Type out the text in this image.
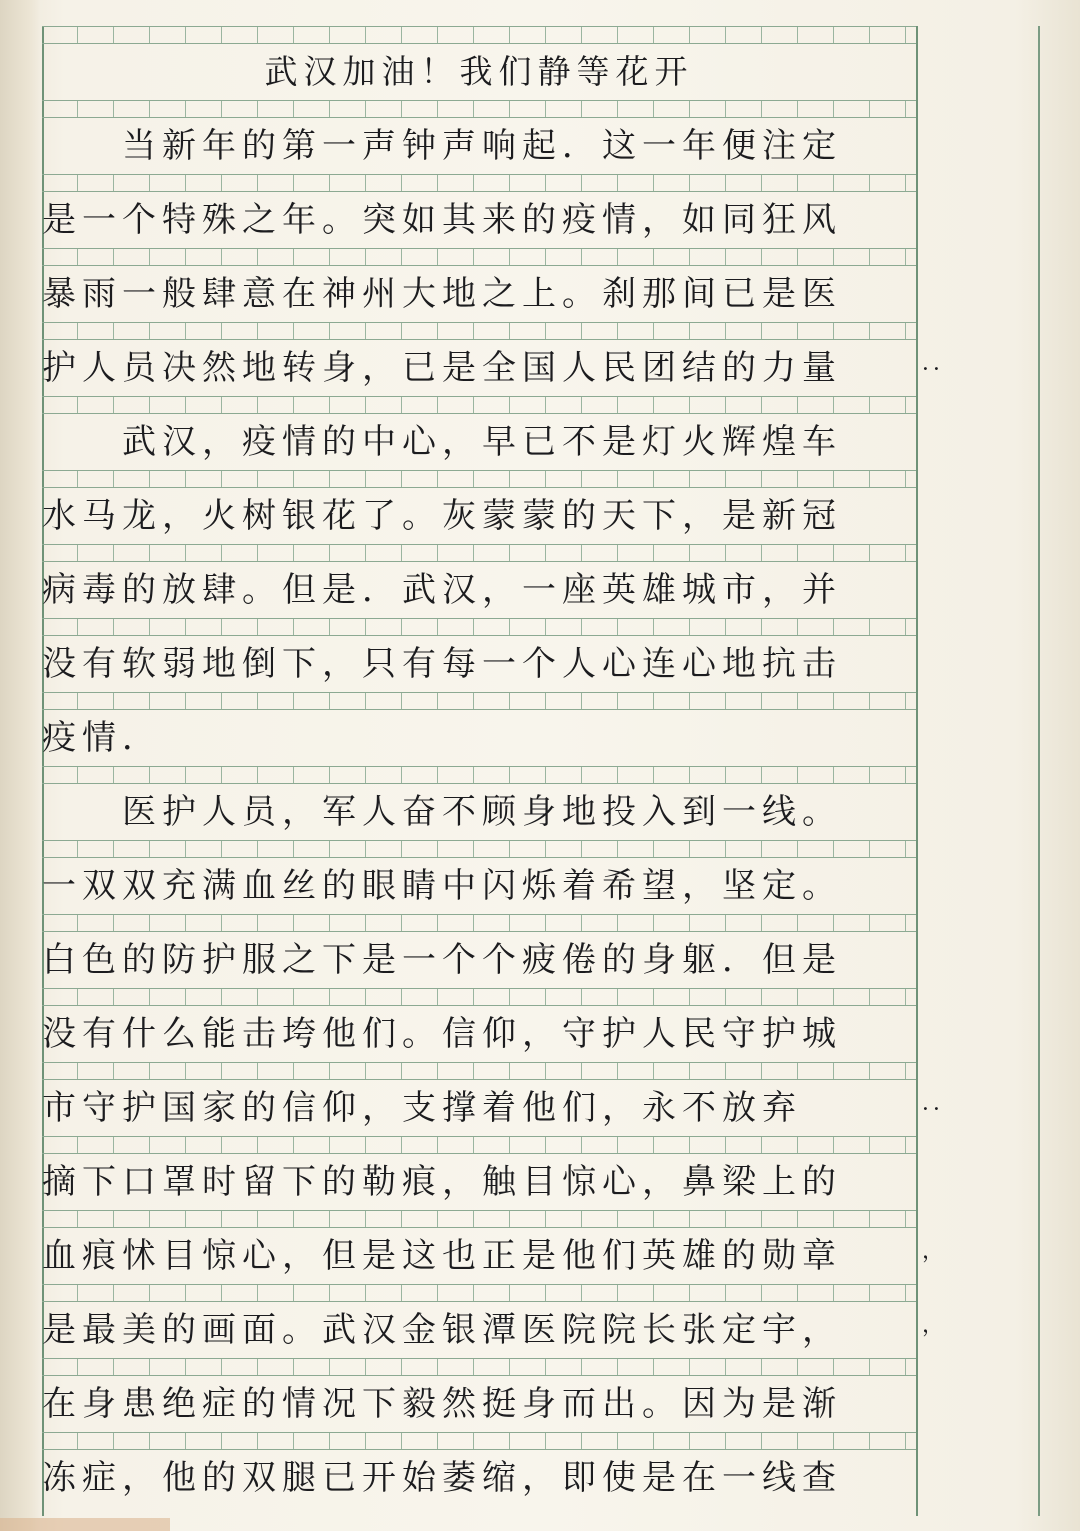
武汉加油！我们静等花开
当新年的第一声钟声响起．这一年便注定
是一个特殊之年。突如其来的疫情，如同狂风
暴雨一般肆意在神州大地之上。刹那间已是医
护人员决然地转身，已是全国人民团结的力量
武汉，疫情的中心，早已不是灯火辉煌车
水马龙，火树银花了。灰蒙蒙的天下，是新冠
病毒的放肆。但是．武汉，一座英雄城市，并
没有软弱地倒下，只有每一个人心连心地抗击
疫情．
医护人员，军人奋不顾身地投入到一线。
一双双充满血丝的眼睛中闪烁着希望，坚定。
白色的防护服之下是一个个疲倦的身躯．但是
没有什么能击垮他们。信仰，守护人民守护城
市守护国家的信仰，支撑着他们，永不放弃
摘下口罩时留下的勒痕，触目惊心，鼻梁上的
血痕怵目惊心，但是这也正是他们英雄的勋章
是最美的画面。武汉金银潭医院院长张定宇，
在身患绝症的情况下毅然挺身而出。因为是渐
冻症，他的双腿已开始萎缩，即使是在一线查
．．
．．
，
，
